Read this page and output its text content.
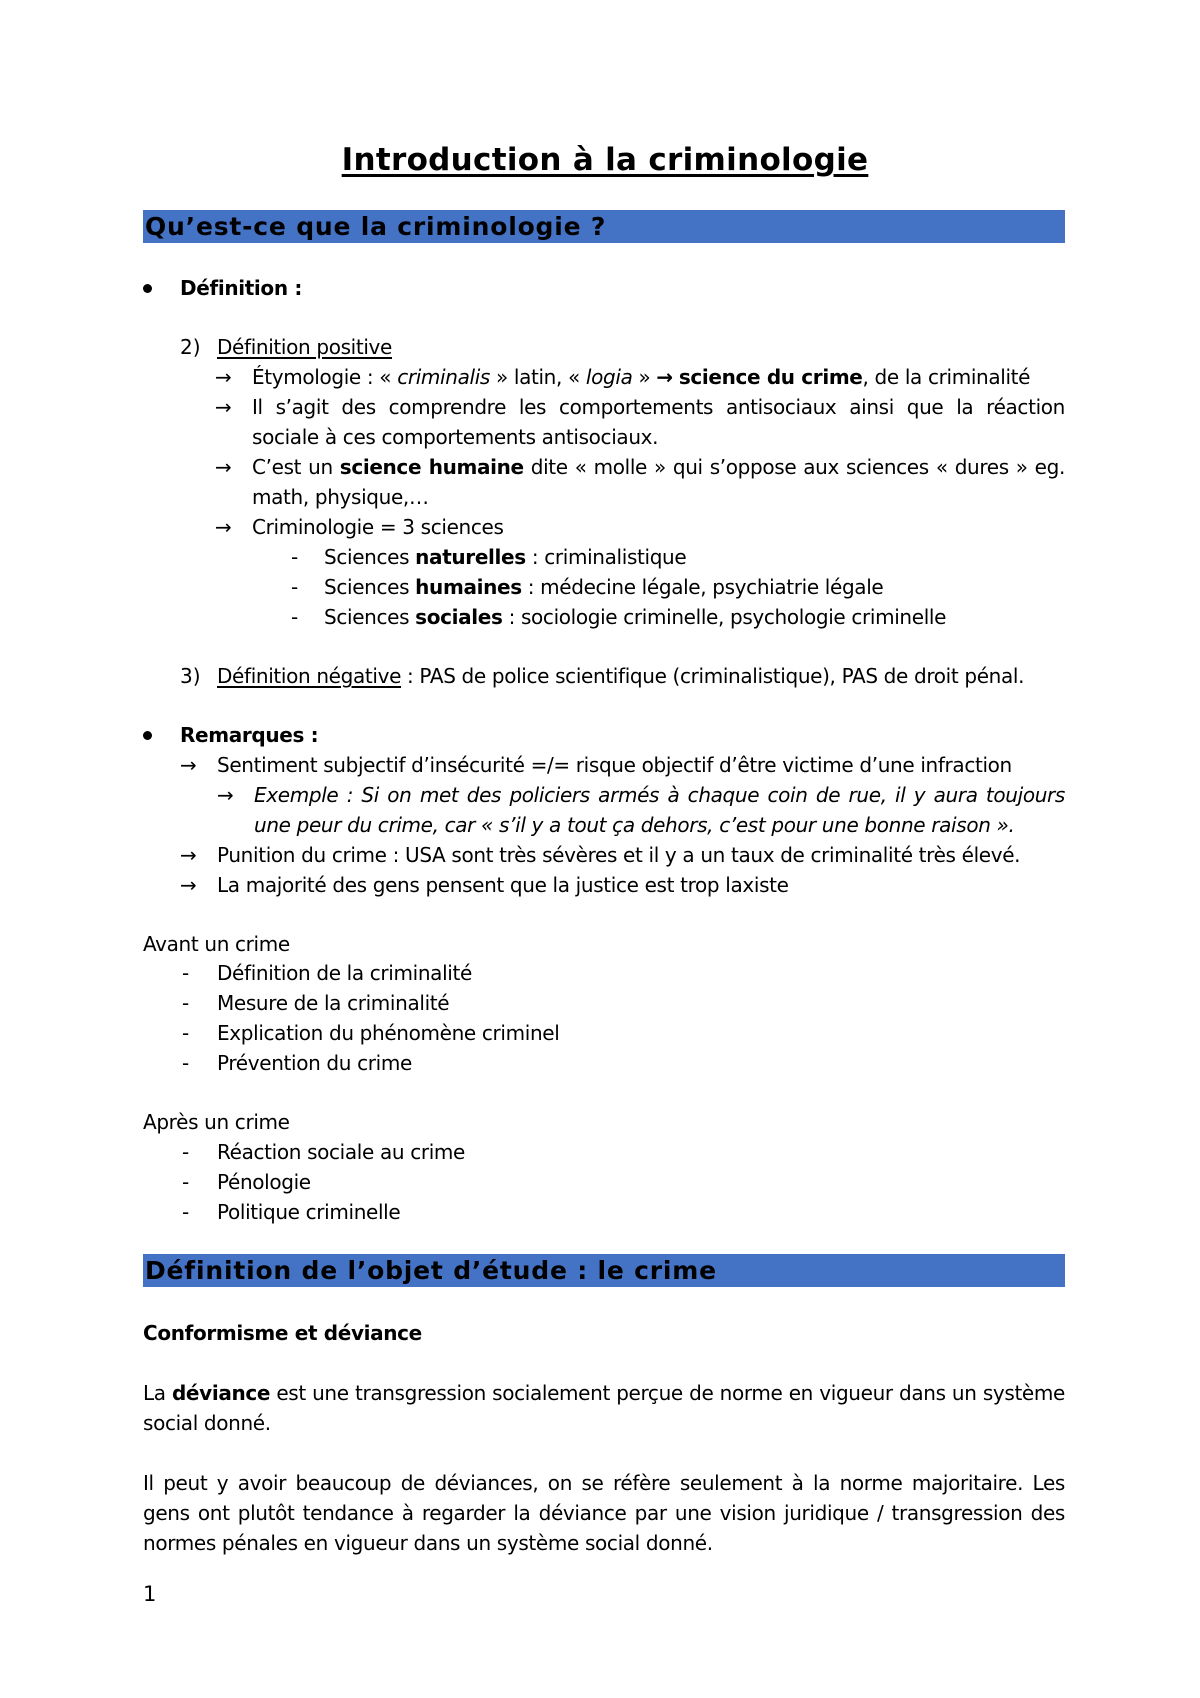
Introduction à la criminologie
Qu’est-ce que la criminologie ?
Définition :
2) Définition positive
→ Étymologie : « criminalis » latin, « logia » → science du crime, de la criminalité
→ Il s’agit des comprendre les comportements antisociaux ainsi que la réaction
sociale à ces comportements antisociaux.
→ C’est un science humaine dite « molle » qui s’oppose aux sciences « dures » eg.
math, physique,…
→ Criminologie = 3 sciences
- Sciences naturelles : criminalistique
- Sciences humaines : médecine légale, psychiatrie légale
- Sciences sociales : sociologie criminelle, psychologie criminelle
3) Définition négative : PAS de police scientifique (criminalistique), PAS de droit pénal.
Remarques :
→ Sentiment subjectif d’insécurité =/= risque objectif d’être victime d’une infraction
→ Exemple : Si on met des policiers armés à chaque coin de rue, il y aura toujours
une peur du crime, car « s’il y a tout ça dehors, c’est pour une bonne raison ».
→ Punition du crime : USA sont très sévères et il y a un taux de criminalité très élevé.
→ La majorité des gens pensent que la justice est trop laxiste
Avant un crime
- Définition de la criminalité
- Mesure de la criminalité
- Explication du phénomène criminel
- Prévention du crime
Après un crime
- Réaction sociale au crime
- Pénologie
- Politique criminelle
Définition de l’objet d’étude : le crime
Conformisme et déviance
La déviance est une transgression socialement perçue de norme en vigueur dans un système
social donné.
Il peut y avoir beaucoup de déviances, on se réfère seulement à la norme majoritaire. Les
gens ont plutôt tendance à regarder la déviance par une vision juridique / transgression des
normes pénales en vigueur dans un système social donné.
1
